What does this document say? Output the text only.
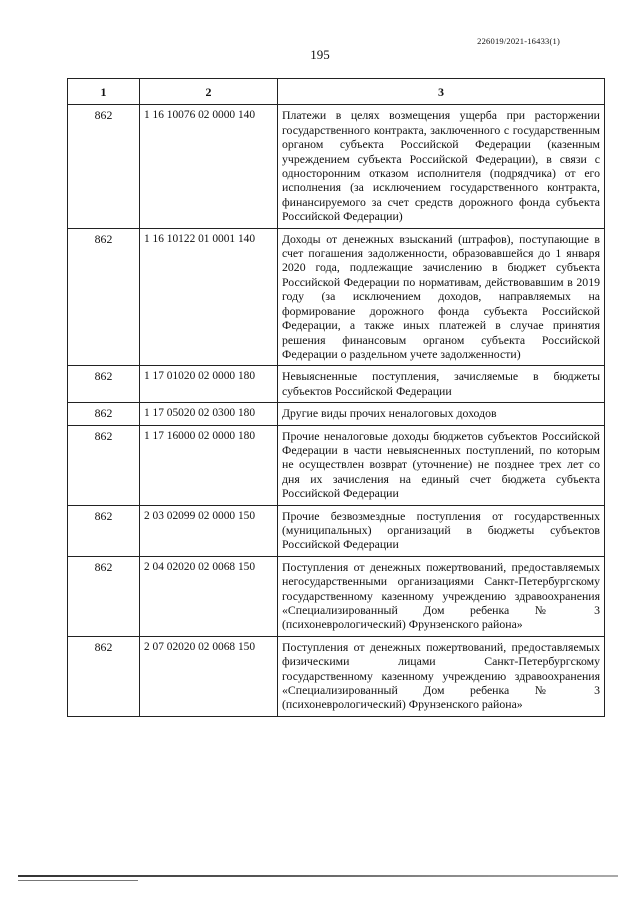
226019/2021-16433(1)
195
1	2	3
862	1 16 10076 02 0000 140	Платежи в целях возмещения ущерба при расторжении государственного контракта, заключенного с государственным органом субъекта Российской Федерации (казенным учреждением субъекта Российской Федерации), в связи с односторонним отказом исполнителя (подрядчика) от его исполнения (за исключением государственного контракта, финансируемого за счет средств дорожного фонда субъекта Российской Федерации)
862	1 16 10122 01 0001 140	Доходы от денежных взысканий (штрафов), поступающие в счет погашения задолженности, образовавшейся до 1 января 2020 года, подлежащие зачислению в бюджет субъекта Российской Федерации по нормативам, действовавшим в 2019 году (за исключением доходов, направляемых на формирование дорожного фонда субъекта Российской Федерации, а также иных платежей в случае принятия решения финансовым органом субъекта Российской Федерации о раздельном учете задолженности)
862	1 17 01020 02 0000 180	Невыясненные поступления, зачисляемые в бюджеты субъектов Российской Федерации
862	1 17 05020 02 0300 180	Другие виды прочих неналоговых доходов
862	1 17 16000 02 0000 180	Прочие неналоговые доходы бюджетов субъектов Российской Федерации в части невыясненных поступлений, по которым не осуществлен возврат (уточнение) не позднее трех лет со дня их зачисления на единый счет бюджета субъекта Российской Федерации
862	2 03 02099 02 0000 150	Прочие безвозмездные поступления от государственных (муниципальных) организаций в бюджеты субъектов Российской Федерации
862	2 04 02020 02 0068 150	Поступления от денежных пожертвований, предоставляемых негосударственными организациями Санкт-Петербургскому государственному казенному учреждению здравоохранения «Специализированный Дом ребенка № 3 (психоневрологический) Фрунзенского района»
862	2 07 02020 02 0068 150	Поступления от денежных пожертвований, предоставляемых физическими лицами Санкт-Петербургскому государственному казенному учреждению здравоохранения «Специализированный Дом ребенка № 3 (психоневрологический) Фрунзенского района»
